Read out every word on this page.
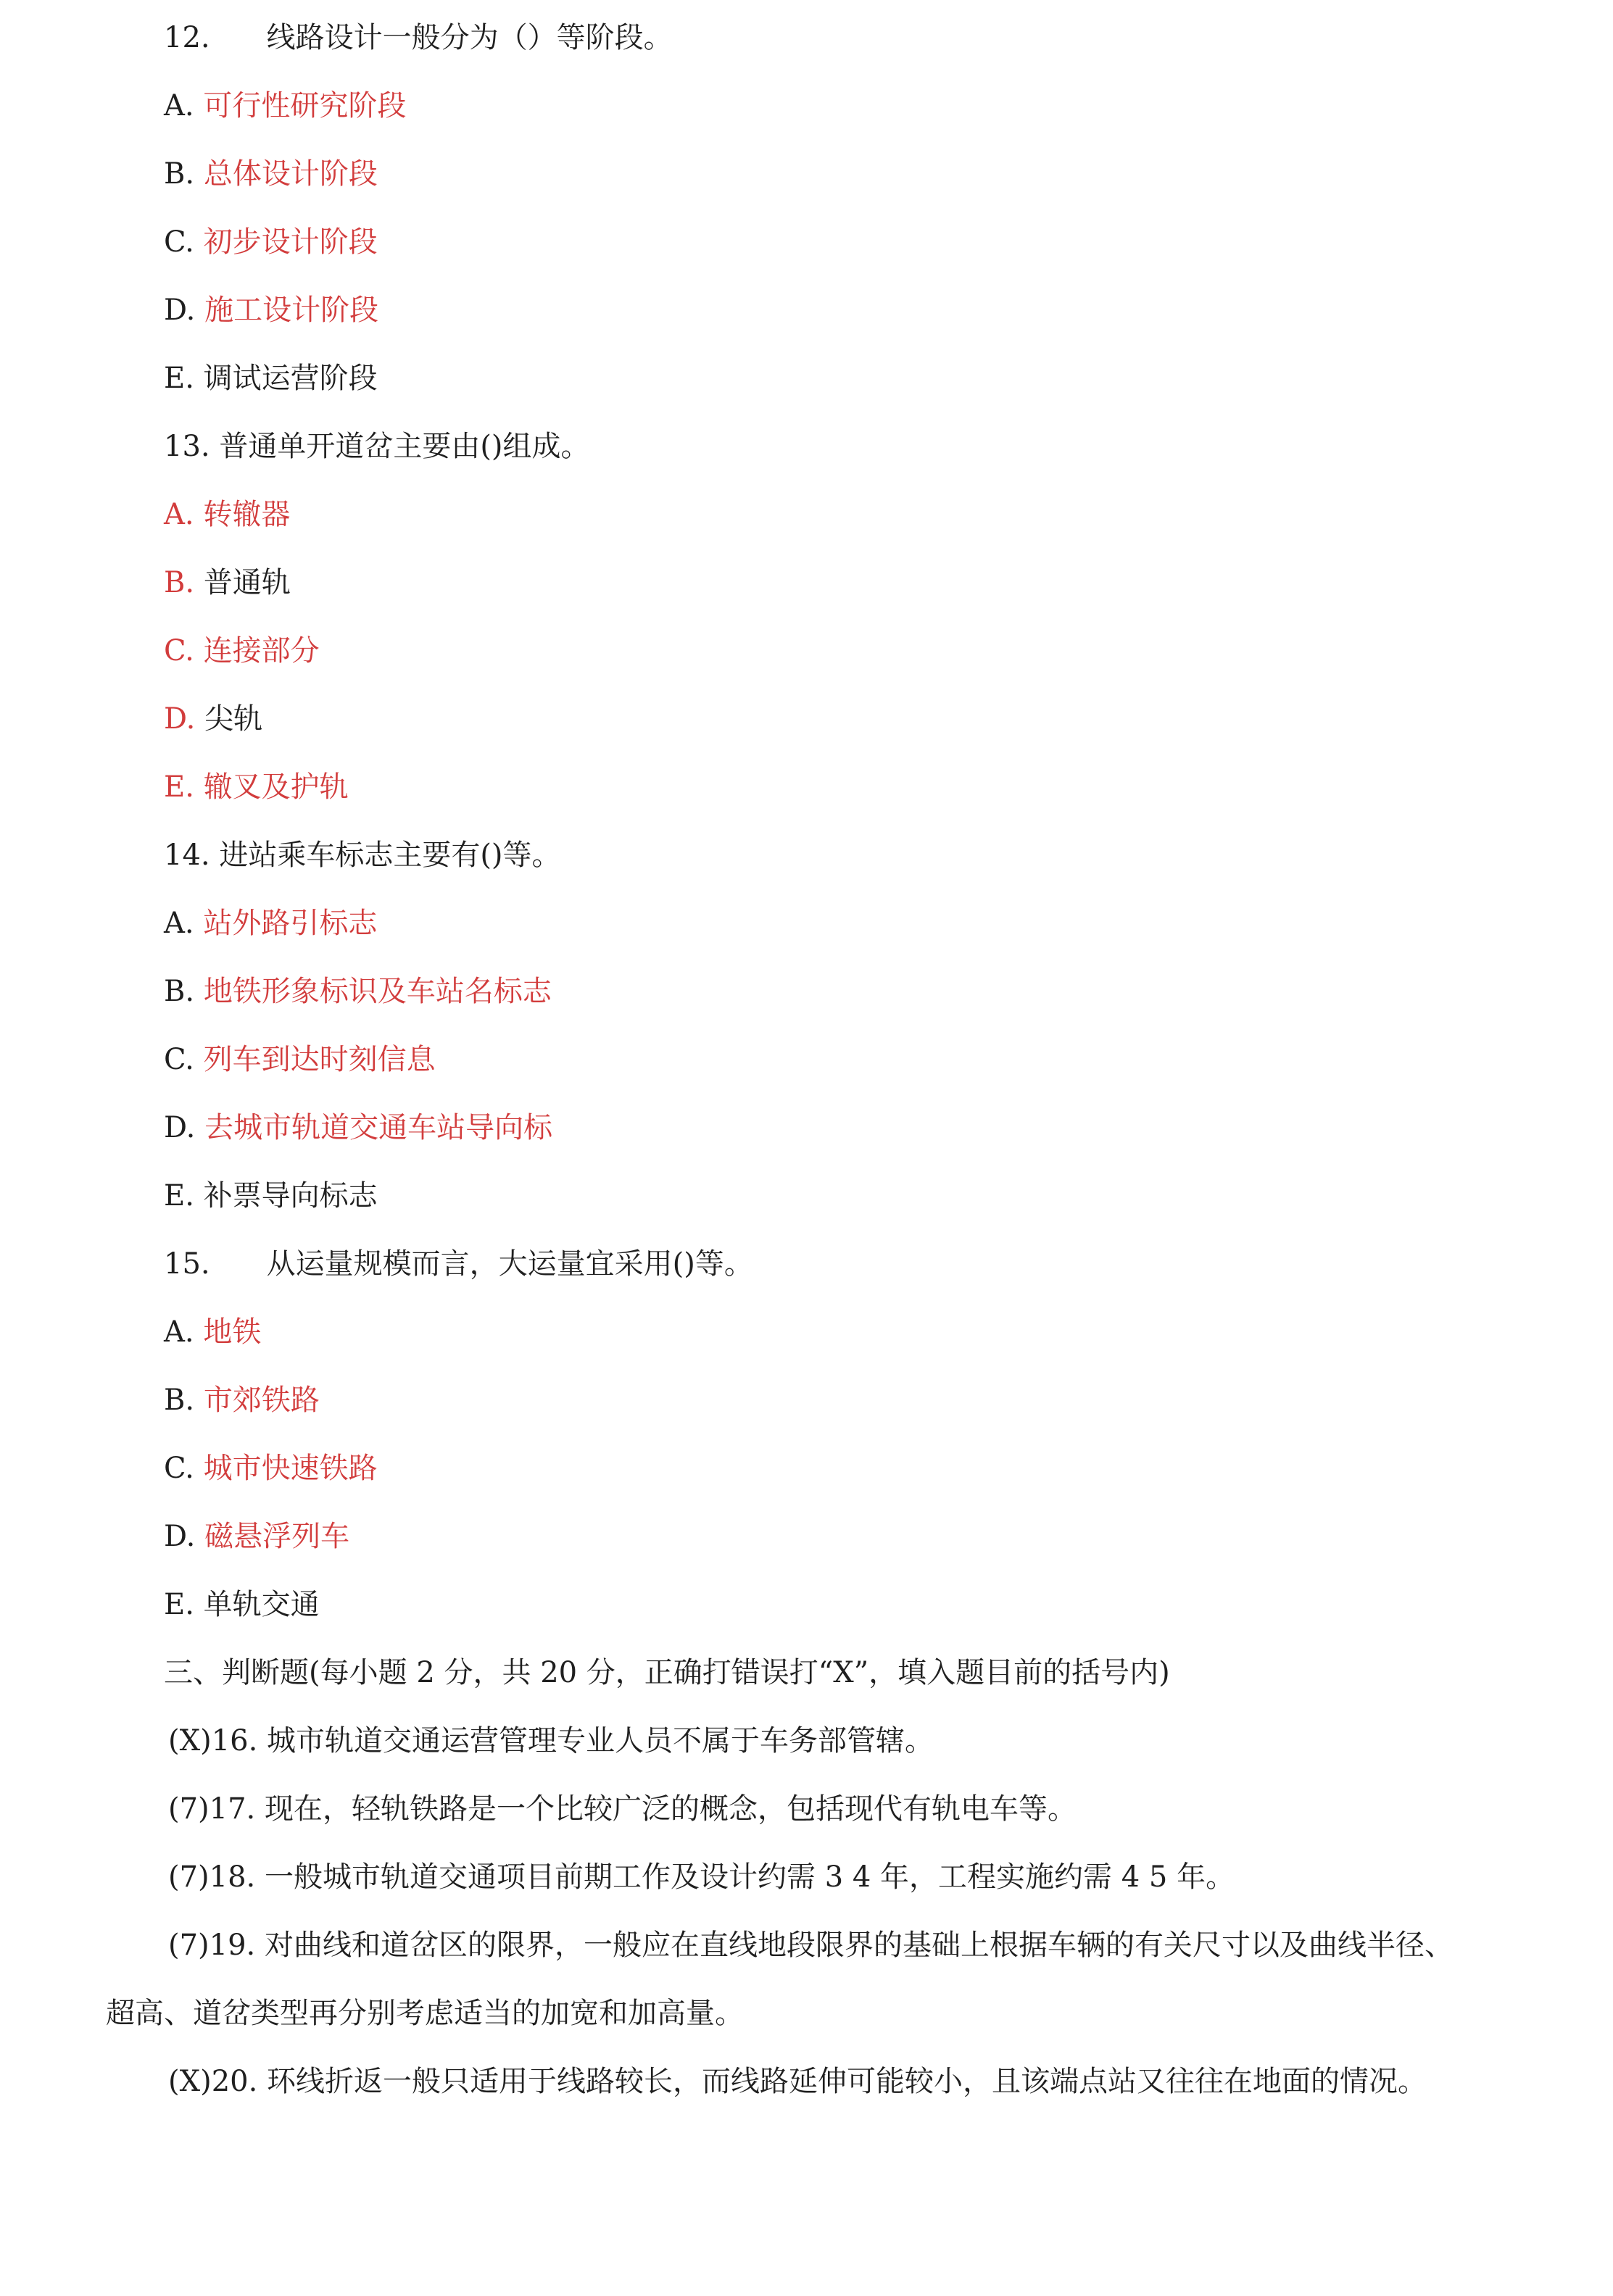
12. 线路设计一般分为（）等阶段。
A. 可行性研究阶段
B. 总体设计阶段
C. 初步设计阶段
D. 施工设计阶段
E. 调试运营阶段
13. 普通单开道岔主要由()组成。
A. 转辙器
B. 普通轨
C. 连接部分
D. 尖轨
E. 辙叉及护轨
14. 进站乘车标志主要有()等。
A. 站外路引标志
B. 地铁形象标识及车站名标志
C. 列车到达时刻信息
D. 去城市轨道交通车站导向标
E. 补票导向标志
15. 从运量规模而言，大运量宜采用()等。
A. 地铁
B. 市郊铁路
C. 城市快速铁路
D. 磁悬浮列车
E. 单轨交通
三、判断题(每小题 2 分，共 20 分，正确打错误打“X”，填入题目前的括号内)
(X)16. 城市轨道交通运营管理专业人员不属于车务部管辖。
(7)17. 现在，轻轨铁路是一个比较广泛的概念，包括现代有轨电车等。
(7)18. 一般城市轨道交通项目前期工作及设计约需 3 4 年，工程实施约需 4 5 年。
(7)19. 对曲线和道岔区的限界，一般应在直线地段限界的基础上根据车辆的有关尺寸以及曲线半径、
超高、道岔类型再分别考虑适当的加宽和加高量。
(X)20. 环线折返一般只适用于线路较长，而线路延伸可能较小，且该端点站又往往在地面的情况。
